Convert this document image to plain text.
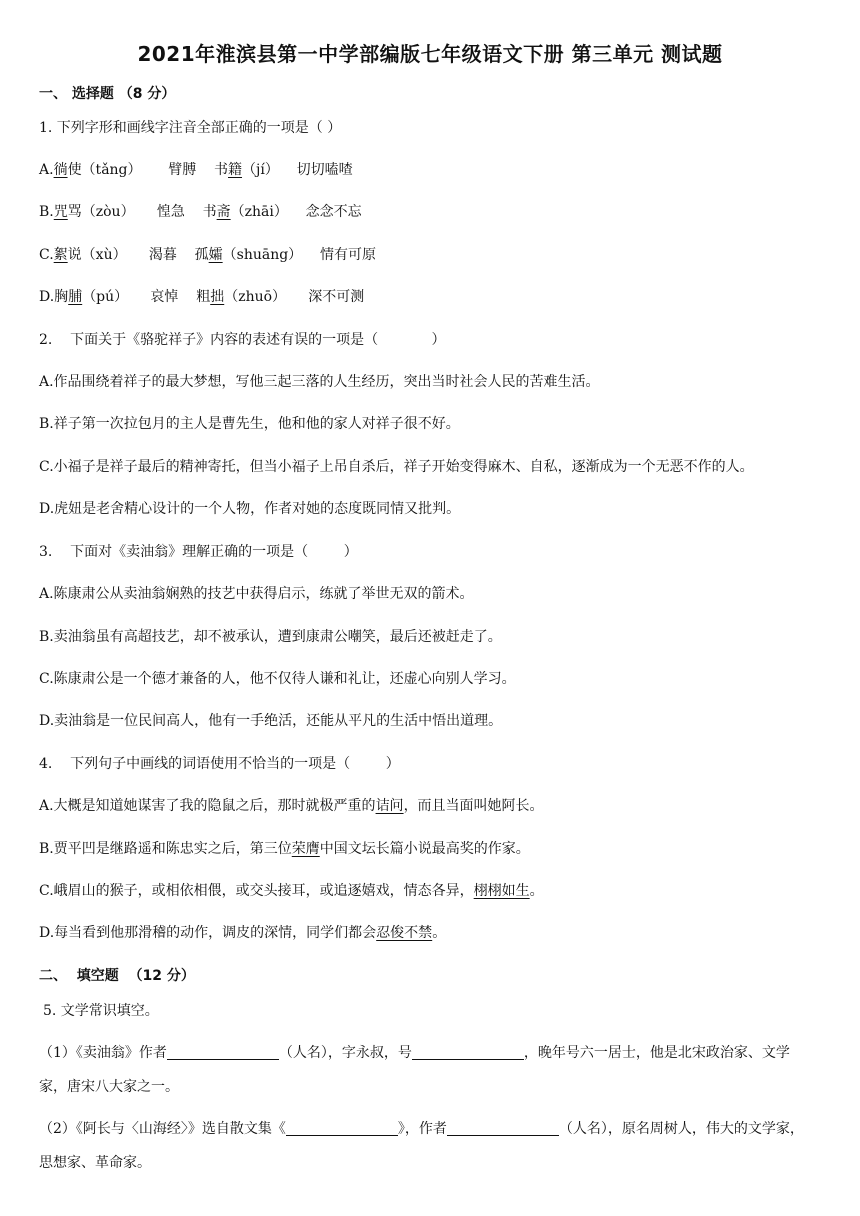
2021年淮滨县第一中学部编版七年级语文下册 第三单元 测试题
一、 选择题 （8 分）
1. 下列字形和画线字注音全部正确的一项是（ ）
A.徜使（tǎng）      臂膊    书籍（jí）    切切嗑喳
B.咒骂（zòu）     惶急    书斋（zhāi）    念念不忘
C.絮说（xù）     渴暮    孤孀（shuāng）    情有可原
D.胸脯（pú）     哀悼    粗拙（zhuō）     深不可测
2.    下面关于《骆驼祥子》内容的表述有误的一项是（            ）
A.作品围绕着祥子的最大梦想，写他三起三落的人生经历，突出当时社会人民的苦难生活。
B.祥子第一次拉包月的主人是曹先生，他和他的家人对祥子很不好。
C.小福子是祥子最后的精神寄托，但当小福子上吊自杀后，祥子开始变得麻木、自私，逐渐成为一个无恶不作的人。
D.虎妞是老舍精心设计的一个人物，作者对她的态度既同情又批判。
3.    下面对《卖油翁》理解正确的一项是（        ）
A.陈康肃公从卖油翁娴熟的技艺中获得启示，练就了举世无双的箭术。
B.卖油翁虽有高超技艺，却不被承认，遭到康肃公嘲笑，最后还被赶走了。
C.陈康肃公是一个德才兼备的人，他不仅待人谦和礼让，还虚心向别人学习。
D.卖油翁是一位民间高人，他有一手绝活，还能从平凡的生活中悟出道理。
4.    下列句子中画线的词语使用不恰当的一项是（        ）
A.大概是知道她谋害了我的隐鼠之后，那时就极严重的诘问，而且当面叫她阿长。
B.贾平凹是继路遥和陈忠实之后，第三位荣膺中国文坛长篇小说最高奖的作家。
C.峨眉山的猴子，或相依相偎，或交头接耳，或追逐嬉戏，情态各异，栩栩如生。
D.每当看到他那滑稽的动作，调皮的深情，同学们都会忍俊不禁。
二、  填空题  （12 分）
5. 文学常识填空。
（1）《卖油翁》作者	（人名），字永叔，号	，晚年号六一居士，他是北宋政治家、文学
家，唐宋八大家之一。
（2）《阿长与〈山海经〉》选自散文集《	》，作者	（人名），原名周树人，伟大的文学家，
思想家、革命家。
